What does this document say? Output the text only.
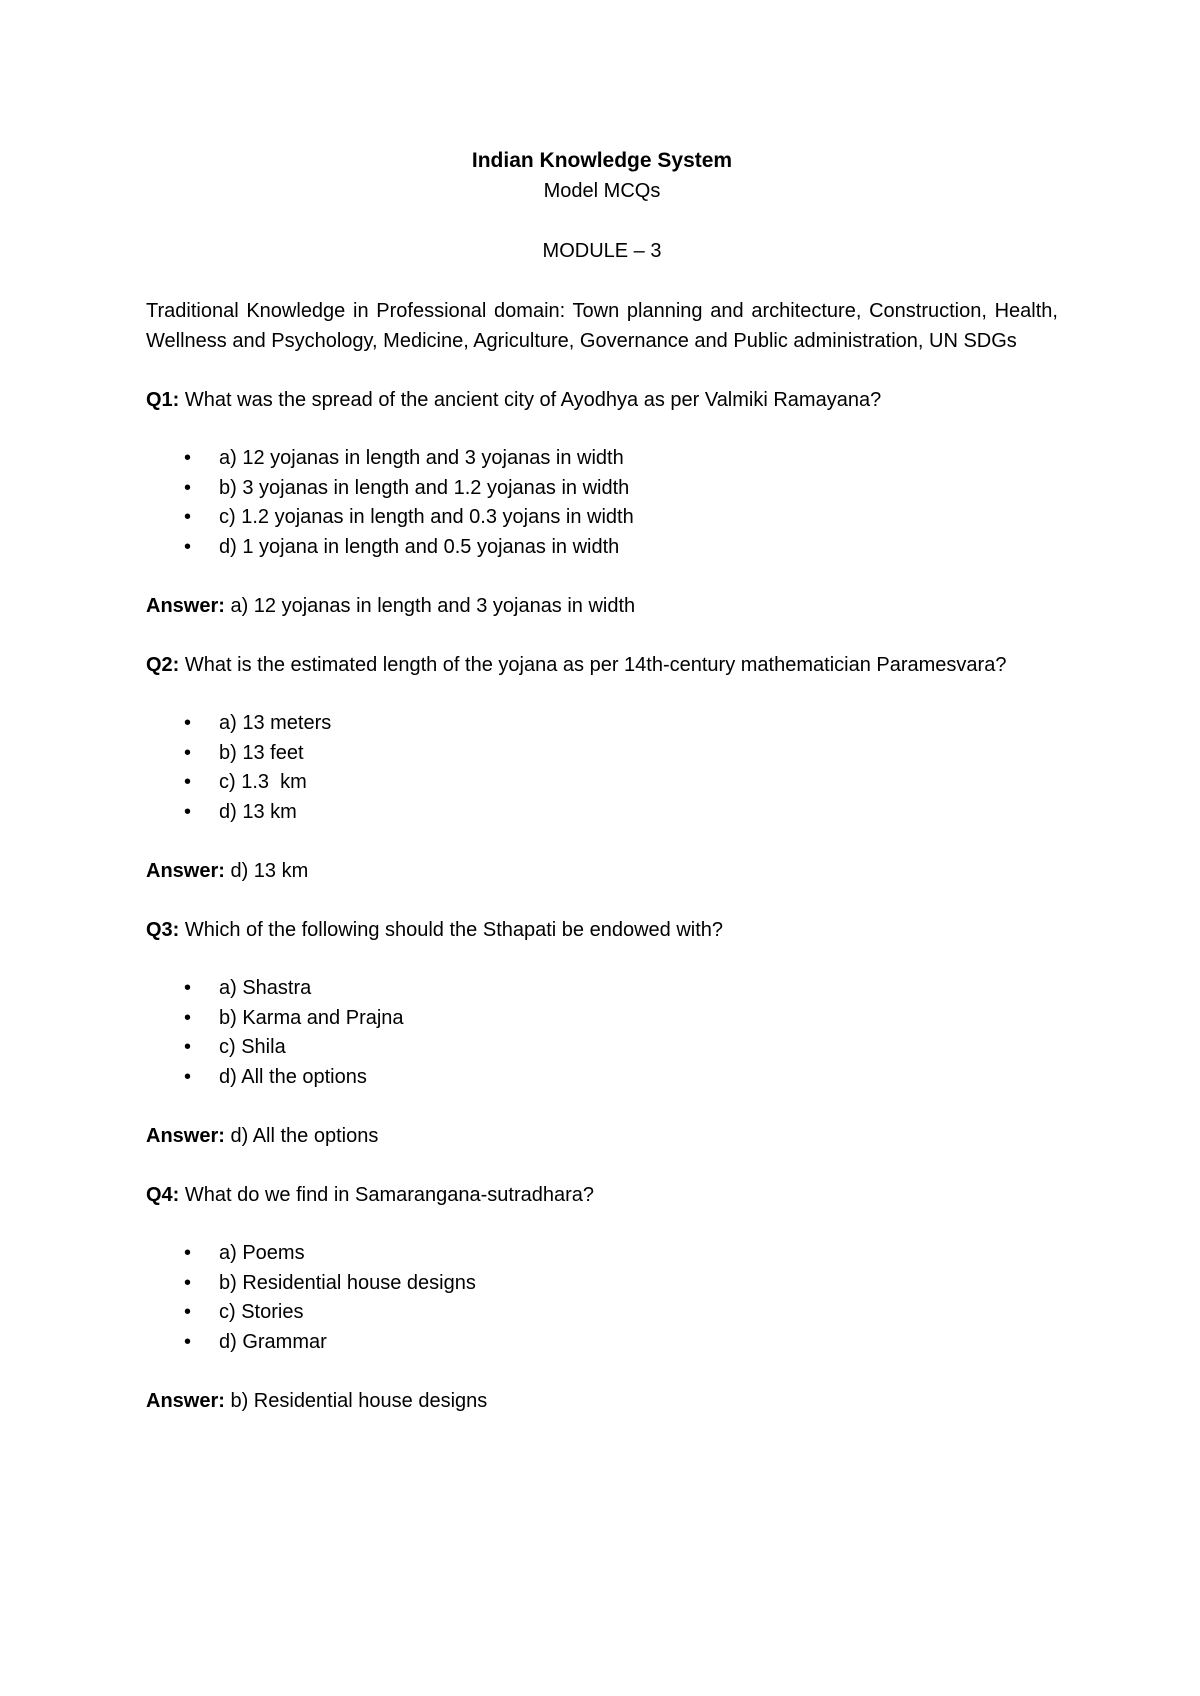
Indian Knowledge System
Model MCQs
MODULE – 3
Traditional Knowledge in Professional domain: Town planning and architecture, Construction, Health, Wellness and Psychology, Medicine, Agriculture, Governance and Public administration, UN SDGs
Q1: What was the spread of the ancient city of Ayodhya as per Valmiki Ramayana?
• a) 12 yojanas in length and 3 yojanas in width
• b) 3 yojanas in length and 1.2 yojanas in width
• c) 1.2 yojanas in length and 0.3 yojans in width
• d) 1 yojana in length and 0.5 yojanas in width
Answer: a) 12 yojanas in length and 3 yojanas in width
Q2: What is the estimated length of the yojana as per 14th-century mathematician Paramesvara?
• a) 13 meters
• b) 13 feet
• c) 1.3  km
• d) 13 km
Answer: d) 13 km
Q3: Which of the following should the Sthapati be endowed with?
• a) Shastra
• b) Karma and Prajna
• c) Shila
• d) All the options
Answer: d) All the options
Q4: What do we find in Samarangana-sutradhara?
• a) Poems
• b) Residential house designs
• c) Stories
• d) Grammar
Answer: b) Residential house designs
